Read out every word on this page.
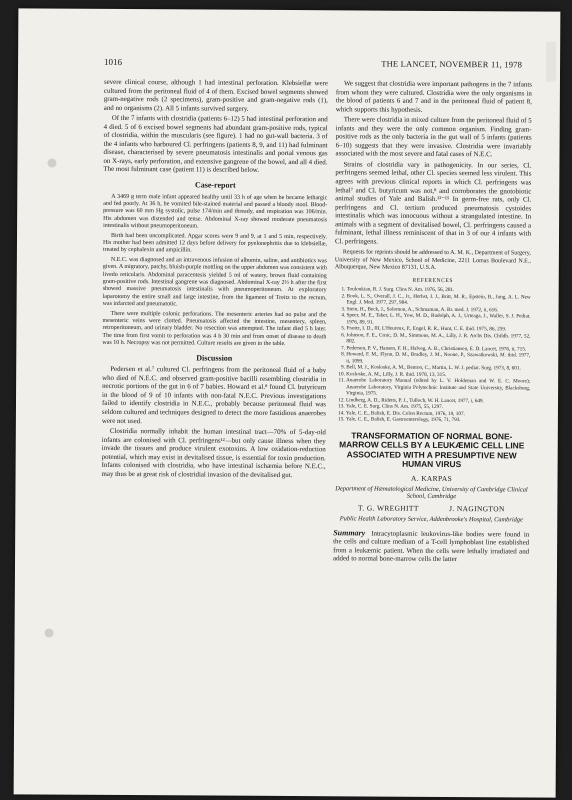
1016	THE LANCET, NOVEMBER 11, 1978

severe clinical course, although 1 had intestinal perforation. Klebsiellæ were cultured from the peritoneal fluid of 4 of them. Excised bowel segments showed gram-negative rods (2 specimens), gram-positive and gram-negative rods (1), and no organisms (2). All 5 infants survived surgery.

Of the 7 infants with clostridia (patients 6–12) 5 had intestinal perforation and 4 died. 5 of 6 excised bowel segments had abundant gram-positive rods, typical of clostridia, within the muscularis (see figure). 1 had no gut-wall bacteria. 3 of the 4 infants who harboured Cl. perfringens (patients 8, 9, and 11) had fulminant disease, characterised by severe pneumatosis intestinalis and portal venous gas on X-rays, early perforation, and extensive gangrene of the bowel, and all 4 died. The most fulminant case (patient 11) is described below.

Case-report

A 3469 g term male infant appeared healthy until 33 h of age when he became lethargic and fed poorly. At 36 h, he vomited bile-stained material and passed a bloody stool. Blood-pressure was 60 mm Hg systolic, pulse 174/min and thready, and respiration was 106/min. His abdomen was distended and tense. Abdominal X-ray showed moderate pneumatosis intestinalis without pneumoperitoneum.

Birth had been uncomplicated. Apgar scores were 9 and 9, at 1 and 5 min, respectively. His mother had been admitted 12 days before delivery for pyelonephritis due to klebsiellæ, treated by cephalexin and ampicillin.

N.E.C. was diagnosed and an intravenous infusion of albumin, saline, and antibiotics was given. A migratory, patchy, bluish-purple mottling on the upper abdomen was consistent with livedo reticularis. Abdominal paracentesis yielded 5 ml of watery, brown fluid containing gram-positive rods. Intestinal gangrene was diagnosed. Abdominal X-ray 2½ h after the first showed massive pneumatosis intestinalis with pneumoperitoneum. At exploratory laparotomy the entire small and large intestine, from the ligament of Treitz to the rectum, was infarcted and pneumatotic.

There were multiple colonic perforations. The mesenteric arteries had no pulse and the mesenteric veins were clotted. Pneumatosis affected the intestine, mesentery, spleen, retroperitoneum, and urinary bladder. No resection was attempted. The infant died 5 h later. The time from first vomit to perforation was 4 h 30 min and from onset of disease to death was 10 h. Necropsy was not permitted. Culture results are given in the table.

Discussion

Pedersen et al.⁷ cultured Cl. perfringens from the peritoneal fluid of a baby who died of N.E.C. and observed gram-positive bacilli resembling clostridia in necrotic portions of the gut in 6 of 7 babies. Howard et al.⁸ found Cl. butyricum in the blood of 9 of 10 infants with non-fatal N.E.C. Previous investigations failed to identify clostridia in N.E.C., probably because peritoneal fluid was seldom cultured and techniques designed to detect the more fastidious anaerobes were not used.

Clostridia normally inhabit the human intestinal tract—70% of 5-day-old infants are colonised with Cl. perfringens¹²—but only cause illness when they invade the tissues and produce virulent exotoxins. A low oxidation-reduction potential, which may exist in devitalised tissue, is essential for toxin production. Infants colonised with clostridia, who have intestinal ischæmia before N.E.C., may thus be at great risk of clostridial invasion of the devitalised gut.

We suggest that clostridia were important pathogens in the 7 infants from whom they were cultured. Clostridia were the only organisms in the blood of patients 6 and 7 and in the peritoneal fluid of patient 8, which supports this hypothesis.

There were clostridia in mixed culture from the peritoneal fluid of 5 infants and they were the only common organism. Finding gram-positive rods as the only bacteria in the gut wall of 5 infants (patients 6–10) suggests that they were invasive. Clostridia were invariably associated with the most severe and fatal cases of N.E.C.

Strains of clostridia vary in pathogenicity. In our series, Cl. perfringens seemed lethal, other Cl. species seemed less virulent. This agrees with previous clinical reports in which Cl. perfringens was lethal⁷ and Cl. butyricum was not,⁸ and corroborates the gnotobiotic animal studies of Yale and Balish.¹³⁻¹⁵ In germ-free rats, only Cl. perfringens and Cl. tertium produced pneumatosis cystoides intestinalis which was innocuous without a strangulated intestine. In animals with a segment of devitalised bowel, Cl. perfringens caused a fulminant, lethal illness reminiscent of that in 3 of our 4 infants with Cl. perfringens.

Requests for reprints should be addressed to A. M. K., Department of Surgery, University of New Mexico, School of Medicine, 2211 Lomas Boulevard N.E., Albuquerque, New Mexico 87131, U.S.A.

REFERENCES
1. Touloukian, R. J. Surg. Clins N. Am. 1976, 56, 281.
2. Book, L. S., Overall, J. C., Jr., Herbst, J. J., Britt, M. R., Epstein, B., Jung, A. L. New Engl. J. Med. 1977, 297, 984.
3. Stein, H., Beck, J., Solomon, A., Schmaman, A. Br. med. J. 1972, ii, 616.
4. Speer, M. E., Taber, L. H., Yow, M. D., Rudolph, A. J., Urteaga, J., Waller, S. J. Pediat. 1976, 89, 91.
5. Frantz, I. D., III, L'Heureux, P., Engel, R. R., Hunt, C. E. ibid. 1975, 86, 259.
6. Johnson, F. E., Crnic, D. M., Simmons, M. A., Lilly, J. R. Archs Dis. Childh. 1977, 52, 802.
7. Pedersen, P. V., Hansen, F. H., Halveg, A. B., Christiansen, E. D. Lancet, 1976, ii, 715.
8. Howard, F. M., Flynn, D. M., Bradley, J. M., Noone, P., Szawatkowski, M. ibid. 1977, ii, 1099.
9. Bell, M. J., Kosloske, A. M., Benton, C., Martin, L. W. J. pediat. Surg. 1973, 8, 601.
10. Kosloske, A. M., Lilly, J. R. ibid. 1978, 13, 315.
11. Anaerobe Laboratory Manual (edited by L. V. Holdeman and W. E. C. Moore); Anaerobe Laboratory, Virginia Polytechnic Institute and State University, Blacksburg, Virginia, 1975.
12. Lindberg, A. D., Ridetts, P. J., Tulloch, W. H. Lancet, 1977, i, 649.
13. Yale, C. E. Surg. Clins N. Am. 1975, 55, 1297.
14. Yale, C. E., Balish, E. Dis. Colon Rectum, 1976, 19, 107.
15. Yale, C. E., Balish, E. Gastroenterology, 1976, 71, 793.
TRANSFORMATION OF NORMAL BONE-MARROW CELLS BY A LEUKÆMIC CELL LINE ASSOCIATED WITH A PRESUMPTIVE NEW HUMAN VIRUS
A. KARPAS
Department of Hæmatological Medicine, University of Cambridge Clinical School, Cambridge
T. G. WREGHITT	J. NAGINGTON
Public Health Laboratory Service, Addenbrooke's Hospital, Cambridge

Summary Intracytoplasmic leukovirus-like bodies were found in the cells and culture medium of a T-cell lymphoblast line established from a leukæmic patient. When the cells were lethally irradiated and added to normal bone-marrow cells the latter
